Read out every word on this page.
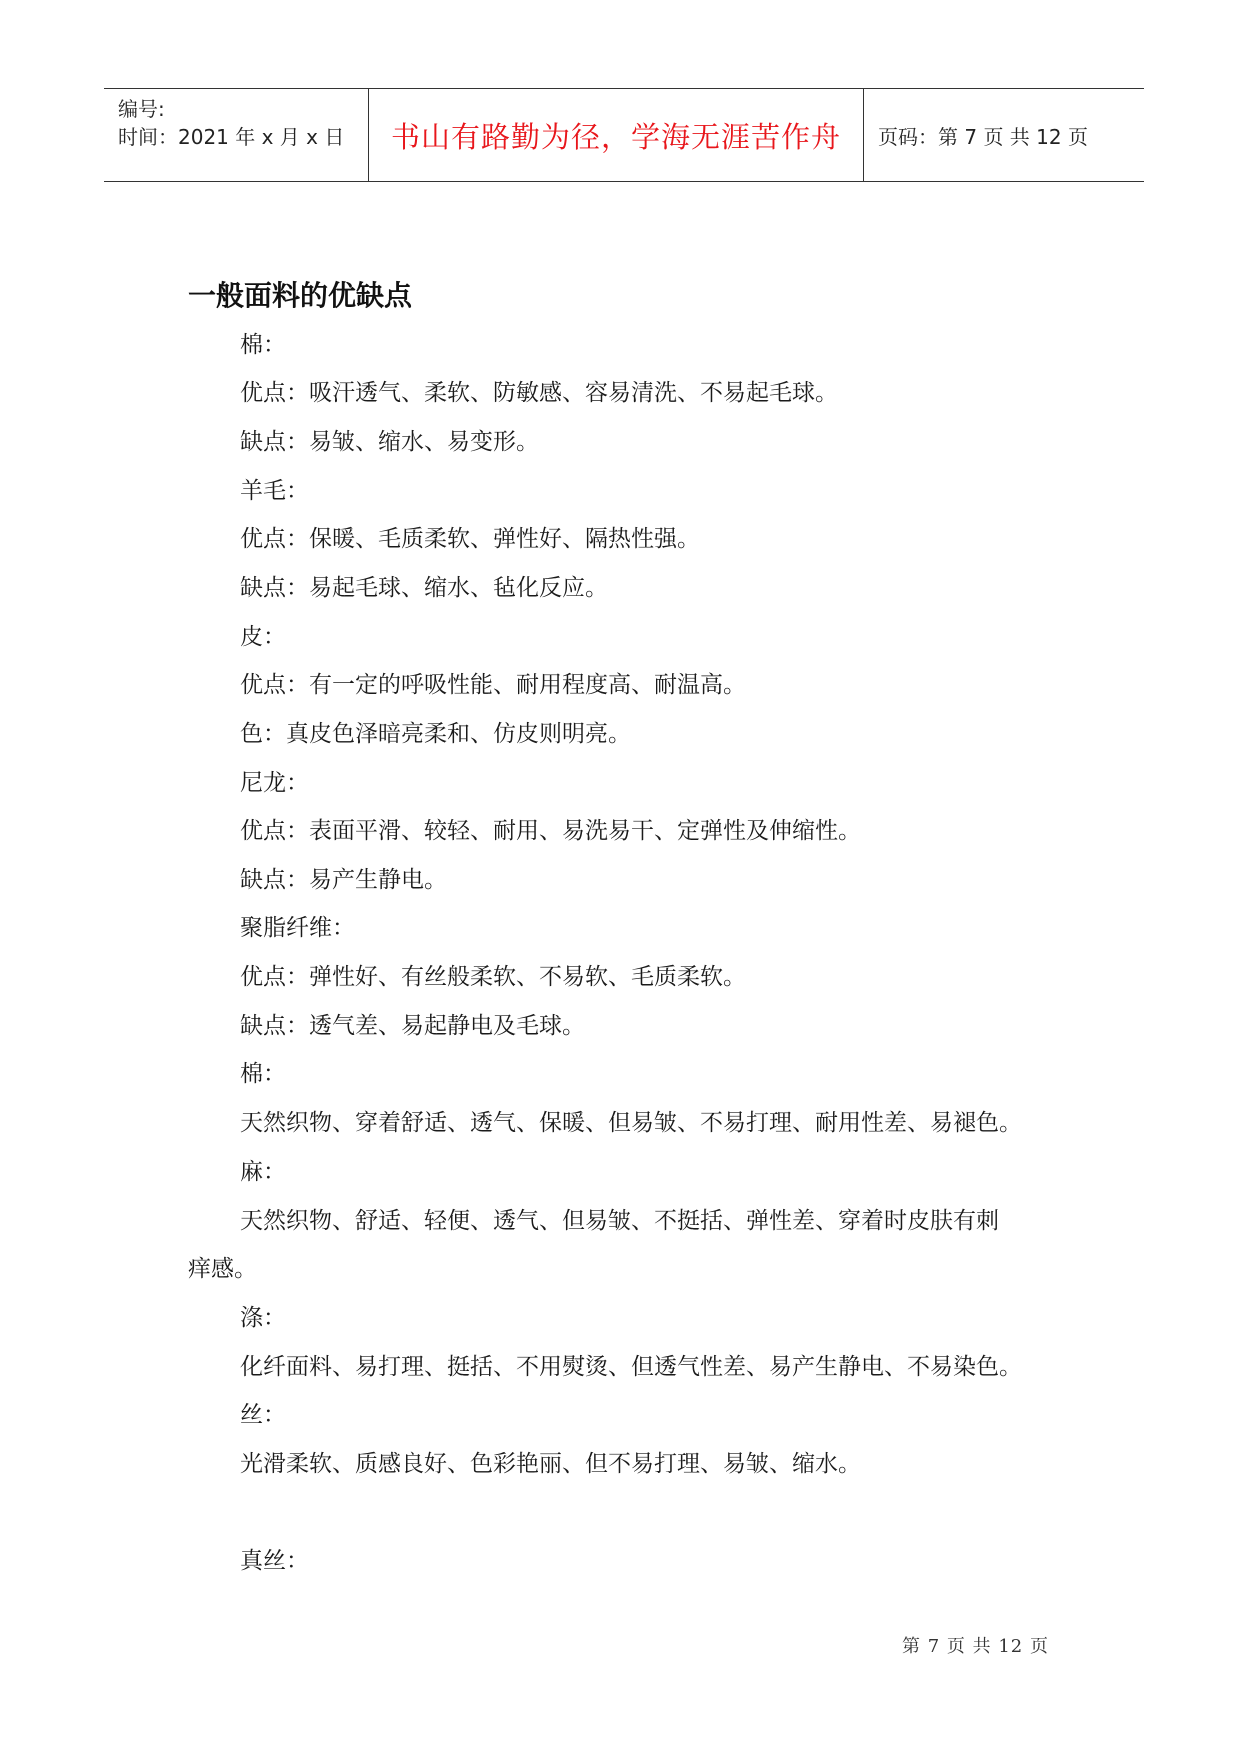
编号:
时间：2021 年 x 月 x 日 书山有路勤为径，学海无涯苦作舟 页码：第 7 页 共 12 页
一般面料的优缺点
棉：
优点：吸汗透气、柔软、防敏感、容易清洗、不易起毛球。
缺点：易皱、缩水、易变形。
羊毛：
优点：保暖、毛质柔软、弹性好、隔热性强。
缺点：易起毛球、缩水、毡化反应。
皮：
优点：有一定的呼吸性能、耐用程度高、耐温高。
色：真皮色泽暗亮柔和、仿皮则明亮。
尼龙：
优点：表面平滑、较轻、耐用、易洗易干、定弹性及伸缩性。
缺点：易产生静电。
聚脂纤维：
优点：弹性好、有丝般柔软、不易软、毛质柔软。
缺点：透气差、易起静电及毛球。
棉：
天然织物、穿着舒适、透气、保暖、但易皱、不易打理、耐用性差、易褪色。
麻：
天然织物、舒适、轻便、透气、但易皱、不挺括、弹性差、穿着时皮肤有刺
痒感。
涤：
化纤面料、易打理、挺括、不用熨烫、但透气性差、易产生静电、不易染色。
丝：
光滑柔软、质感良好、色彩艳丽、但不易打理、易皱、缩水。
真丝：
第 7 页 共 12 页
